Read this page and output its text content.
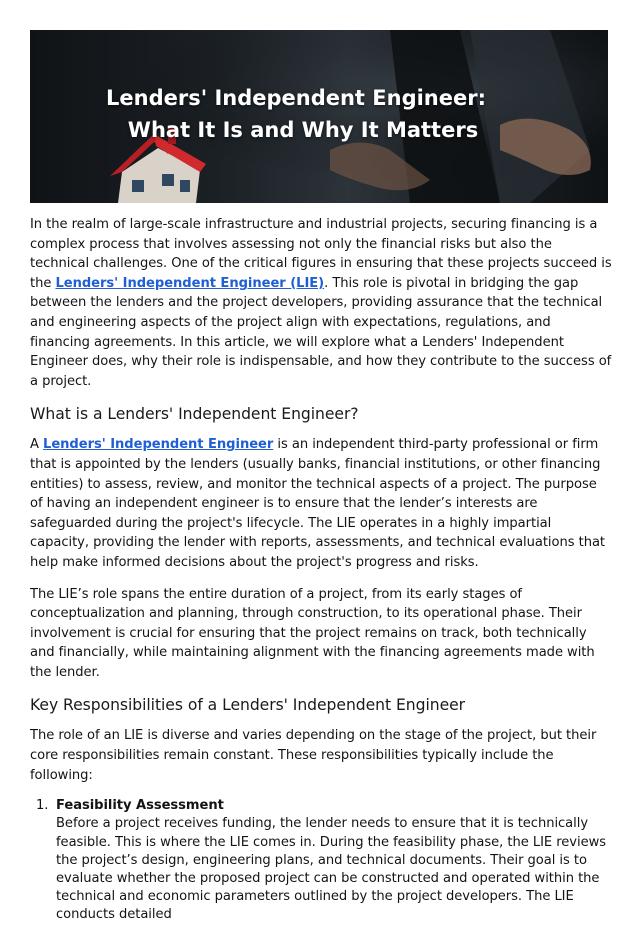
Lenders' Independent Engineer:
What It Is and Why It Matters

In the realm of large-scale infrastructure and industrial projects, securing financing is a complex process that involves assessing not only the financial risks but also the technical challenges. One of the critical figures in ensuring that these projects succeed is the Lenders' Independent Engineer (LIE). This role is pivotal in bridging the gap between the lenders and the project developers, providing assurance that the technical and engineering aspects of the project align with expectations, regulations, and financing agreements. In this article, we will explore what a Lenders' Independent Engineer does, why their role is indispensable, and how they contribute to the success of a project.

What is a Lenders' Independent Engineer?

A Lenders' Independent Engineer is an independent third-party professional or firm that is appointed by the lenders (usually banks, financial institutions, or other financing entities) to assess, review, and monitor the technical aspects of a project. The purpose of having an independent engineer is to ensure that the lender’s interests are safeguarded during the project's lifecycle. The LIE operates in a highly impartial capacity, providing the lender with reports, assessments, and technical evaluations that help make informed decisions about the project's progress and risks.

The LIE’s role spans the entire duration of a project, from its early stages of conceptualization and planning, through construction, to its operational phase. Their involvement is crucial for ensuring that the project remains on track, both technically and financially, while maintaining alignment with the financing agreements made with the lender.

Key Responsibilities of a Lenders' Independent Engineer

The role of an LIE is diverse and varies depending on the stage of the project, but their core responsibilities remain constant. These responsibilities typically include the following:

1. Feasibility Assessment
Before a project receives funding, the lender needs to ensure that it is technically feasible. This is where the LIE comes in. During the feasibility phase, the LIE reviews the project’s design, engineering plans, and technical documents. Their goal is to evaluate whether the proposed project can be constructed and operated within the technical and economic parameters outlined by the project developers. The LIE conducts detailed
